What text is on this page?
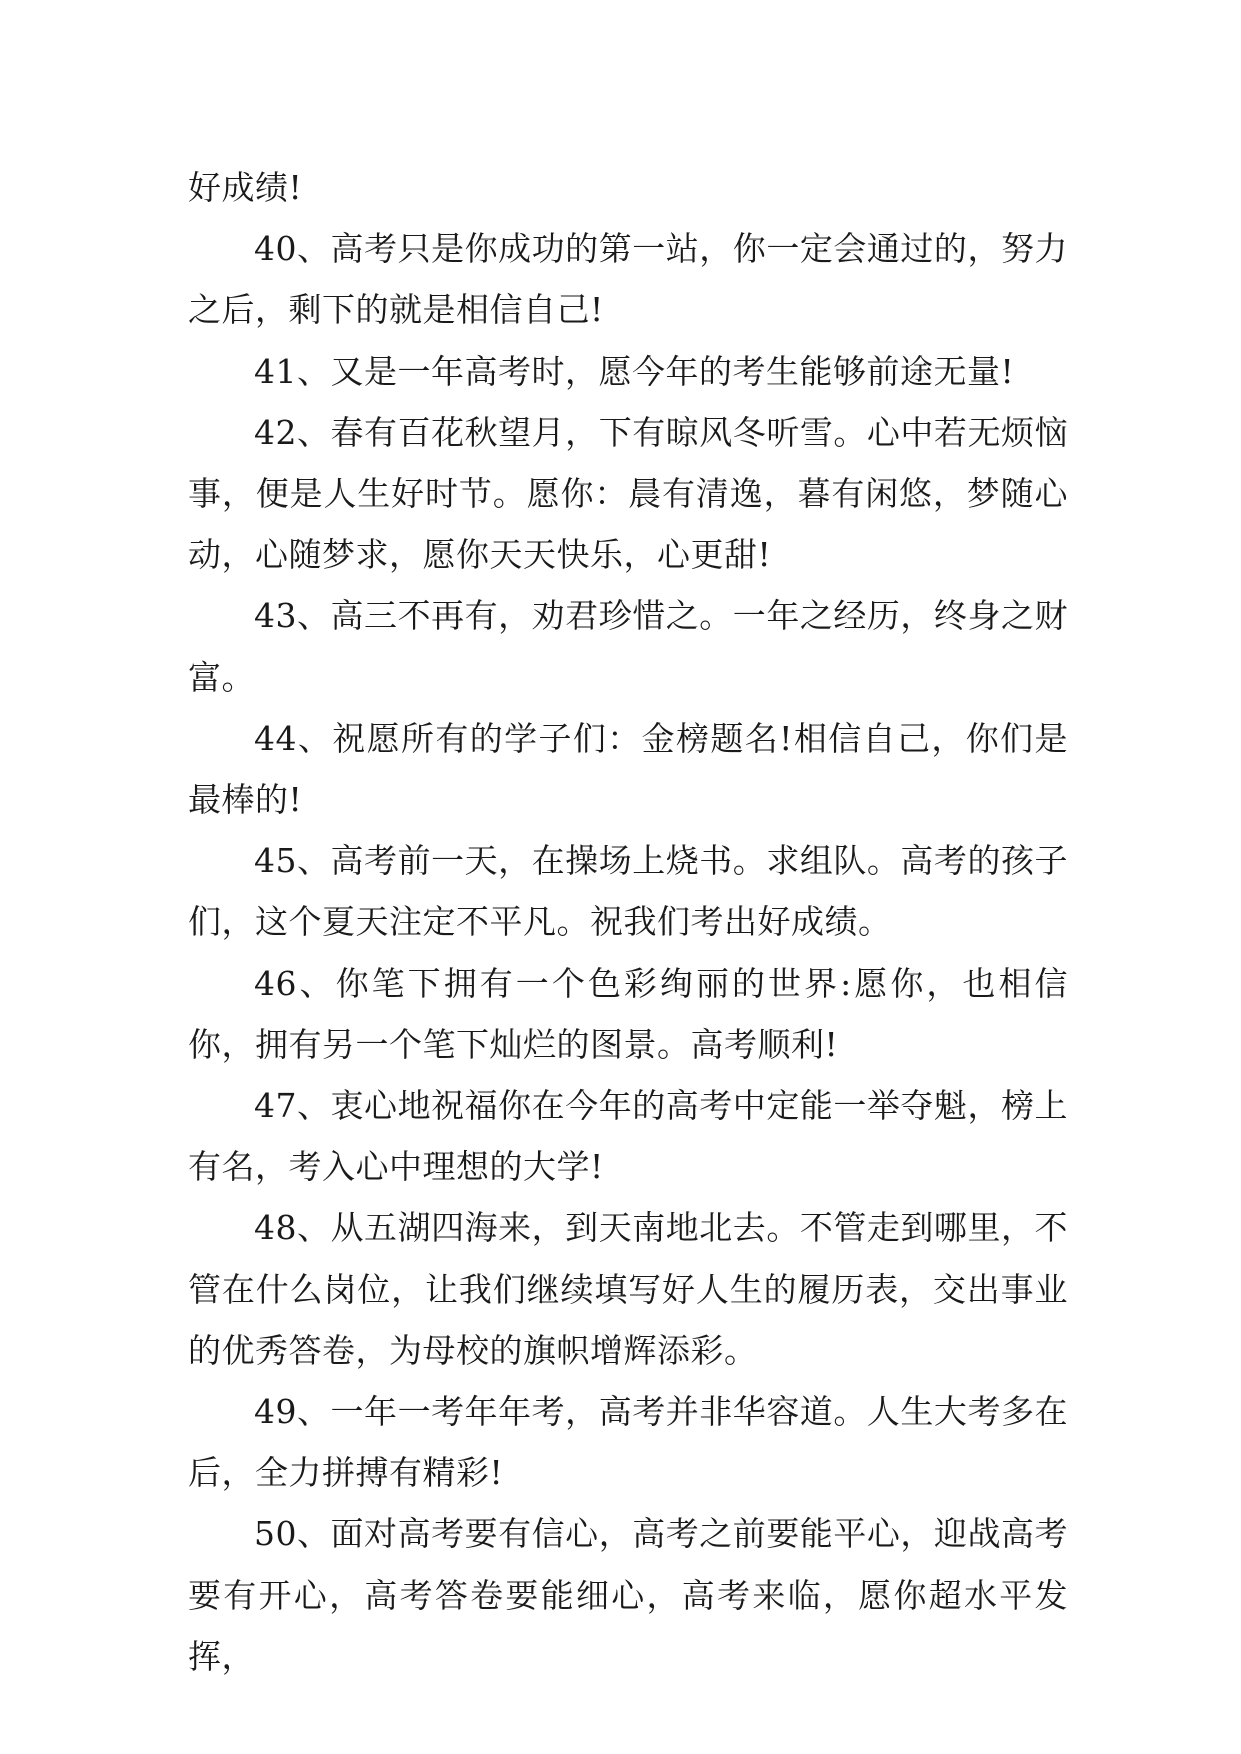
好成绩!

40、高考只是你成功的第一站，你一定会通过的，努力之后，剩下的就是相信自己!

41、又是一年高考时，愿今年的考生能够前途无量!

42、春有百花秋望月，下有晾风冬听雪。心中若无烦恼事，便是人生好时节。愿你：晨有清逸，暮有闲悠，梦随心动，心随梦求，愿你天天快乐，心更甜!

43、高三不再有，劝君珍惜之。一年之经历，终身之财富。

44、祝愿所有的学子们：金榜题名!相信自己，你们是最棒的!

45、高考前一天，在操场上烧书。求组队。高考的孩子们，这个夏天注定不平凡。祝我们考出好成绩。

46、你笔下拥有一个色彩绚丽的世界:愿你，也相信你，拥有另一个笔下灿烂的图景。高考顺利!

47、衷心地祝福你在今年的高考中定能一举夺魁，榜上有名，考入心中理想的大学!

48、从五湖四海来，到天南地北去。不管走到哪里，不管在什么岗位，让我们继续填写好人生的履历表，交出事业的优秀答卷，为母校的旗帜增辉添彩。

49、一年一考年年考，高考并非华容道。人生大考多在后，全力拼搏有精彩!

50、面对高考要有信心，高考之前要能平心，迎战高考要有开心，高考答卷要能细心，高考来临，愿你超水平发挥，
